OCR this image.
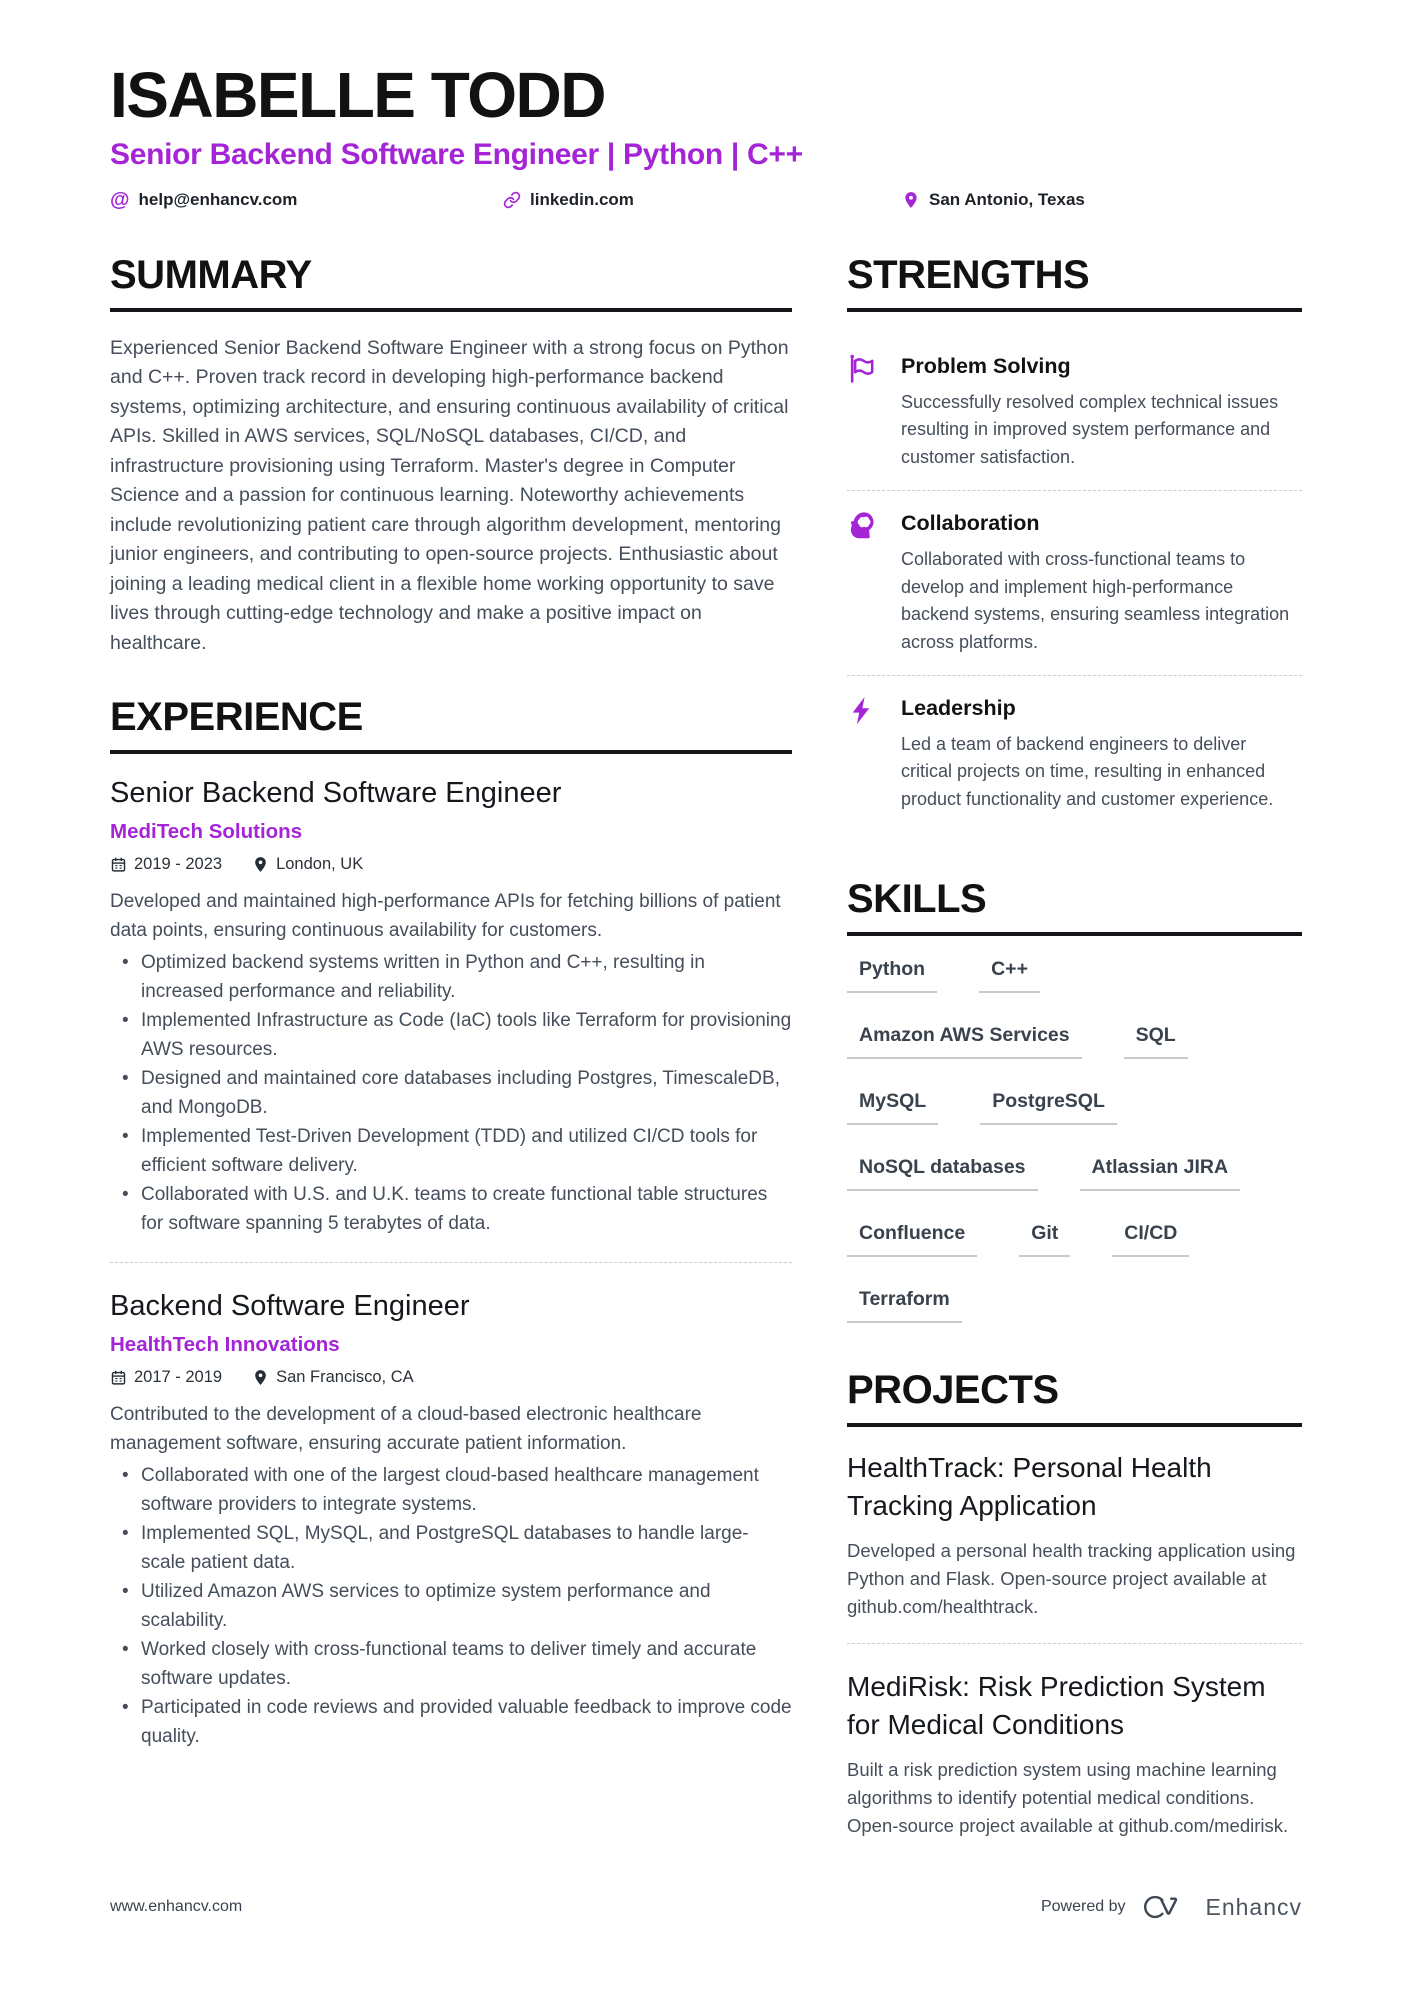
ISABELLE TODD
Senior Backend Software Engineer | Python | C++
@
help@enhancv.com	linkedin.com	San Antonio, Texas
SUMMARY

Experienced Senior Backend Software Engineer with a strong focus on Python and C++. Proven track record in developing high-performance backend systems, optimizing architecture, and ensuring continuous availability of critical APIs. Skilled in AWS services, SQL/NoSQL databases, CI/CD, and infrastructure provisioning using Terraform. Master's degree in Computer Science and a passion for continuous learning. Noteworthy achievements include revolutionizing patient care through algorithm development, mentoring junior engineers, and contributing to open-source projects. Enthusiastic about joining a leading medical client in a flexible home working opportunity to save lives through cutting-edge technology and make a positive impact on healthcare.

EXPERIENCE
Senior Backend Software Engineer
MediTech Solutions
2019 - 2023	London, UK

Developed and maintained high-performance APIs for fetching billions of patient data points, ensuring continuous availability for customers.

• Optimized backend systems written in Python and C++, resulting in increased performance and reliability.
• Implemented Infrastructure as Code (IaC) tools like Terraform for provisioning AWS resources.
• Designed and maintained core databases including Postgres, TimescaleDB, and MongoDB.
• Implemented Test-Driven Development (TDD) and utilized CI/CD tools for efficient software delivery.
• Collaborated with U.S. and U.K. teams to create functional table structures for software spanning 5 terabytes of data.
Backend Software Engineer
HealthTech Innovations
2017 - 2019	San Francisco, CA

Contributed to the development of a cloud-based electronic healthcare management software, ensuring accurate patient information.

• Collaborated with one of the largest cloud-based healthcare management software providers to integrate systems.
• Implemented SQL, MySQL, and PostgreSQL databases to handle large-scale patient data.
• Utilized Amazon AWS services to optimize system performance and scalability.
• Worked closely with cross-functional teams to deliver timely and accurate software updates.
• Participated in code reviews and provided valuable feedback to improve code quality.
STRENGTHS
Problem Solving
Successfully resolved complex technical issues resulting in improved system performance and customer satisfaction.
Collaboration
Collaborated with cross-functional teams to develop and implement high-performance backend systems, ensuring seamless integration across platforms.
Leadership
Led a team of backend engineers to deliver critical projects on time, resulting in enhanced product functionality and customer experience.
SKILLS
Python	C++
Amazon AWS Services	SQL
MySQL	PostgreSQL
NoSQL databases	Atlassian JIRA
Confluence	Git	CI/CD
Terraform
PROJECTS
HealthTrack: Personal Health Tracking Application

Developed a personal health tracking application using Python and Flask. Open-source project available at github.com/healthtrack.

MediRisk: Risk Prediction System for Medical Conditions

Built a risk prediction system using machine learning algorithms to identify potential medical conditions. Open-source project available at github.com/medirisk.

www.enhancv.com	Powered by	Enhancv
